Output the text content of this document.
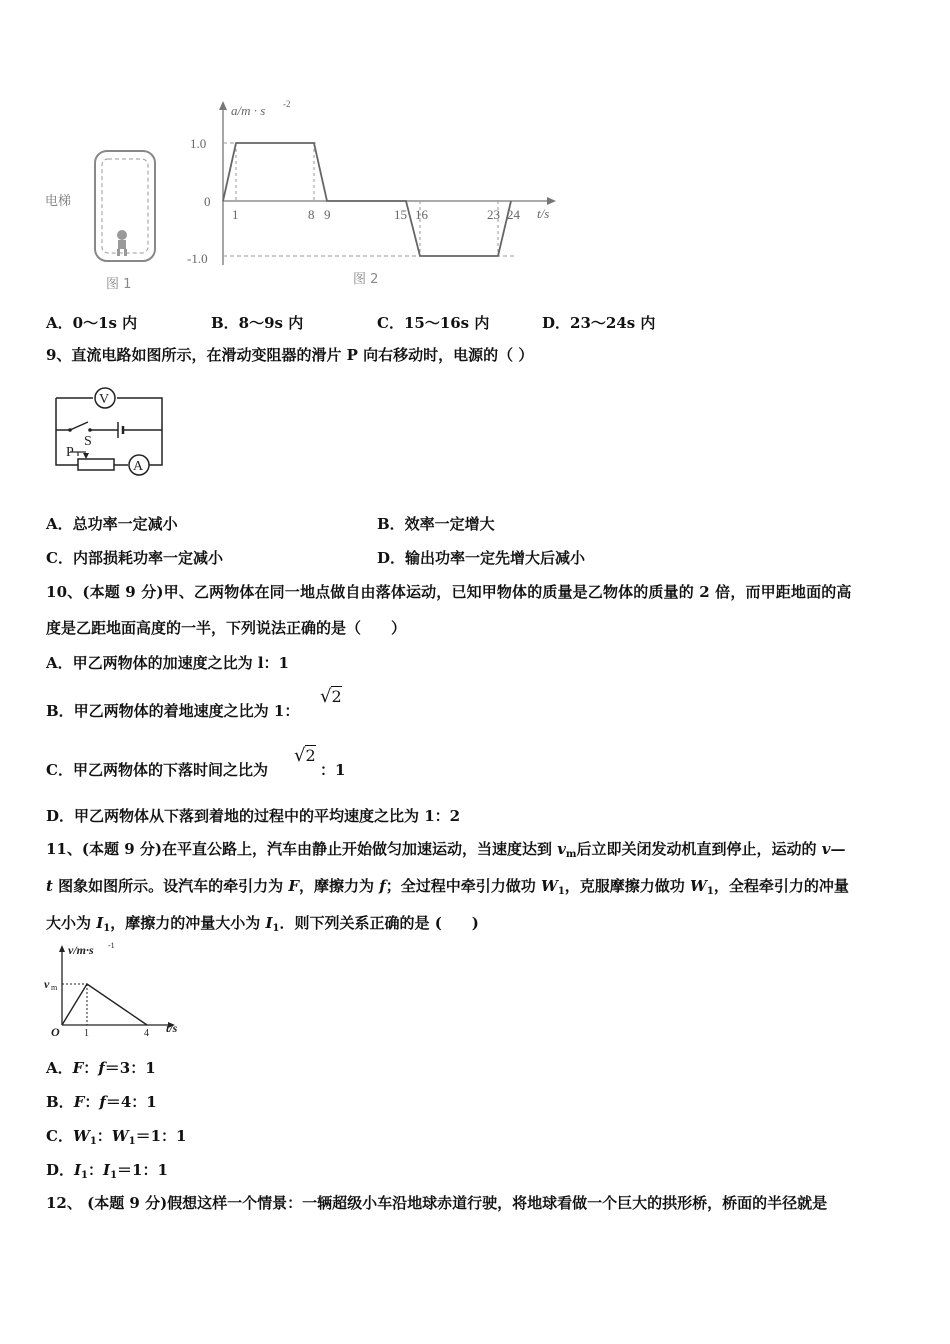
电梯
图 1
a/m · s -2
t/s
1.0
0
-1.0
1	8 9	15 16	23 24
图 2
A．0～1s 内	B．8～9s 内	C．15～16s 内	D．23～24s 内
9、直流电路如图所示，在滑动变阻器的滑片 P 向右移动时，电源的（ ）
V
S
P
A
A．总功率一定减小	B．效率一定增大
C．内部损耗功率一定减小	D．输出功率一定先增大后减小
10、(本题 9 分)甲、乙两物体在同一地点做自由落体运动，已知甲物体的质量是乙物体的质量的 2 倍，而甲距地面的高
度是乙距地面高度的一半，下列说法正确的是（　　）
A．甲乙两物体的加速度之比为 l：1
B．甲乙两物体的着地速度之比为 1：
√2
C．甲乙两物体的下落时间之比为
√2
：1
D．甲乙两物体从下落到着地的过程中的平均速度之比为 1：2
11、(本题 9 分)在平直公路上，汽车由静止开始做匀加速运动，当速度达到 $v_m$后立即关闭发动机直到停止，运动的 v—
t 图象如图所示。设汽车的牵引力为 F，摩擦力为 f；全过程中牵引力做功 $W_1$，克服摩擦力做功 $W_1$，全程牵引力的冲量
大小为 $I_1$，摩擦力的冲量大小为 $I_1$．则下列关系正确的是 (　　)
v/m·s -1
v m
O 1	4 t/s
A．F：f＝3：1
B．F：f＝4：1
C．$W_1$：$W_1=1$：1
D．$I_1$：$I_1=1$：1
12、 (本题 9 分)假想这样一个情景：一辆超级小车沿地球赤道行驶，将地球看做一个巨大的拱形桥，桥面的半径就是
